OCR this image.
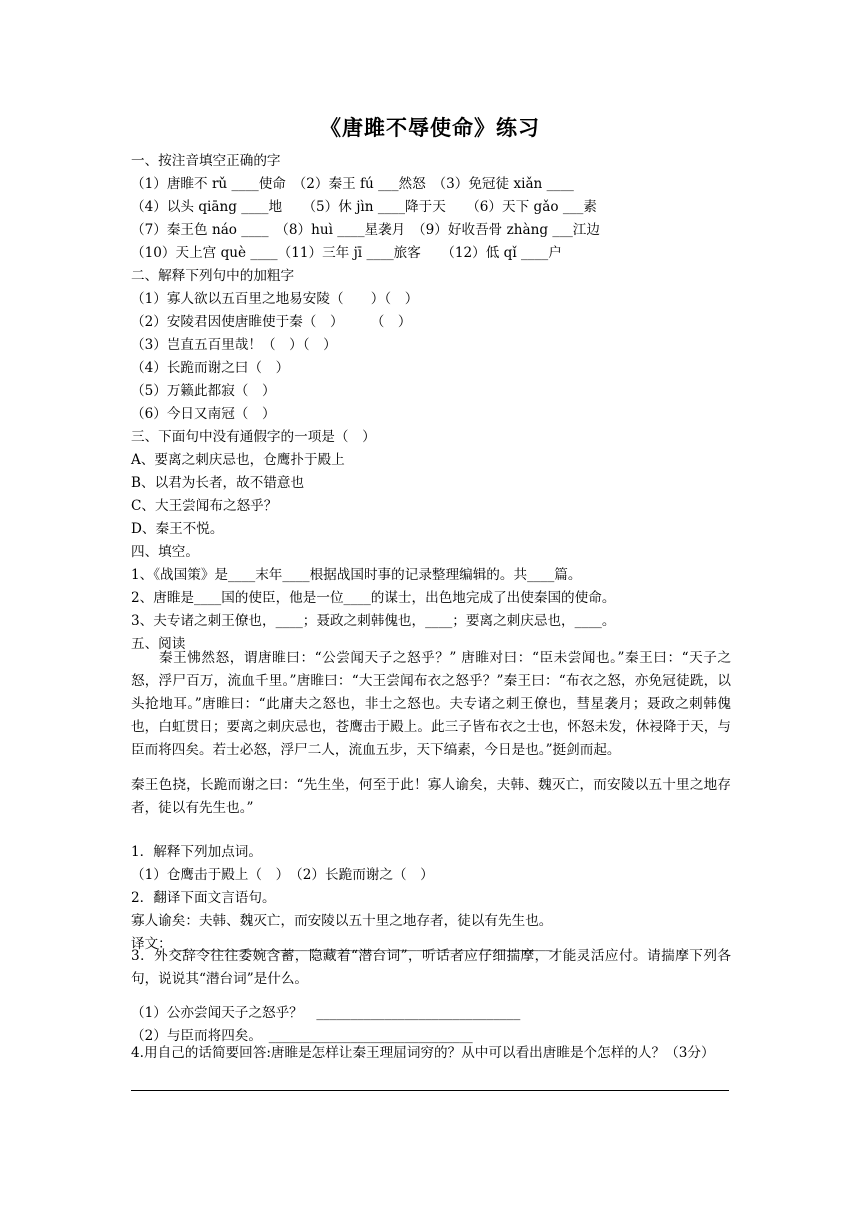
《唐雎不辱使命》练习
一、按注音填空正确的字
（1）唐睢不 rǔ ____使命　（2）秦王 fú ___然怒　（3）免冠徒 xiǎn ____
（4）以头 qiāng ____地　　（5）休 jìn ____降于天　　（6）天下 gǎo ___素
（7）秦王色 náo ____　（8）huì ____星袭月　（9）好收吾骨 zhàng ___江边
（10）天上宫 què ____（11）三年 jī ____旅客　　（12）低 qǐ ____户
二、解释下列句中的加粗字
（1）寡人欲以五百里之地易安陵（　　）（　）
（2）安陵君因使唐睢使于秦（　）　　　（　）
（3）岂直五百里哉！（　）（　）
（4）长跪而谢之曰（　）
（5）万籁此都寂（　）
（6）今日又南冠（　）
三、下面句中没有通假字的一项是（　）
A、要离之刺庆忌也，仓鹰扑于殿上
B、以君为长者，故不错意也
C、大王尝闻布之怒乎？
D、秦王不悦。
四、填空。
1、《战国策》是____末年____根据战国时事的记录整理编辑的。共____篇。
2、唐睢是____国的使臣，他是一位____的谋士，出色地完成了出使秦国的使命。
3、夫专诸之刺王僚也，____；聂政之刺韩傀也，____；要离之刺庆忌也，____。
五、阅读
1．解释下列加点词。
（1）仓鹰击于殿上（　）　（2）长跪而谢之（　）
2．翻译下面文言语句。
寡人谕矣：夫韩、魏灭亡，而安陵以五十里之地存者，徒以有先生也。
译文：________________________________________________________
（1）公亦尝闻天子之怒乎？　______________________________
（2）与臣而将四矣。　______________________________
秦王怫然怒，谓唐睢曰：“公尝闻天子之怒乎？” 唐睢对曰：“臣未尝闻也。”秦王曰：“天子之怒，浮尸百万，流血千里。”唐睢曰：“大王尝闻布衣之怒乎？”秦王曰：“布衣之怒，亦免冠徒跣，以头抢地耳。”唐睢曰：“此庸夫之怒也，非士之怒也。夫专诸之刺王僚也，彗星袭月；聂政之刺韩傀也，白虹贯日；要离之刺庆忌也，苍鹰击于殿上。此三子皆布衣之士也，怀怒未发，休祲降于天，与臣而将四矣。若士必怒，浮尸二人，流血五步，天下缟素，今日是也。”挺剑而起。
秦王色挠，长跪而谢之曰：“先生坐，何至于此！寡人谕矣，夫韩、魏灭亡，而安陵以五十里之地存者，徒以有先生也。”
3．外交辞令往往委婉含蓄，隐藏着“潜台词”，听话者应仔细揣摩，才能灵活应付。请揣摩下列各句，说说其“潜台词”是什么。
4.用自己的话简要回答:唐睢是怎样让秦王理屈词穷的？从中可以看出唐睢是个怎样的人？（3分）
